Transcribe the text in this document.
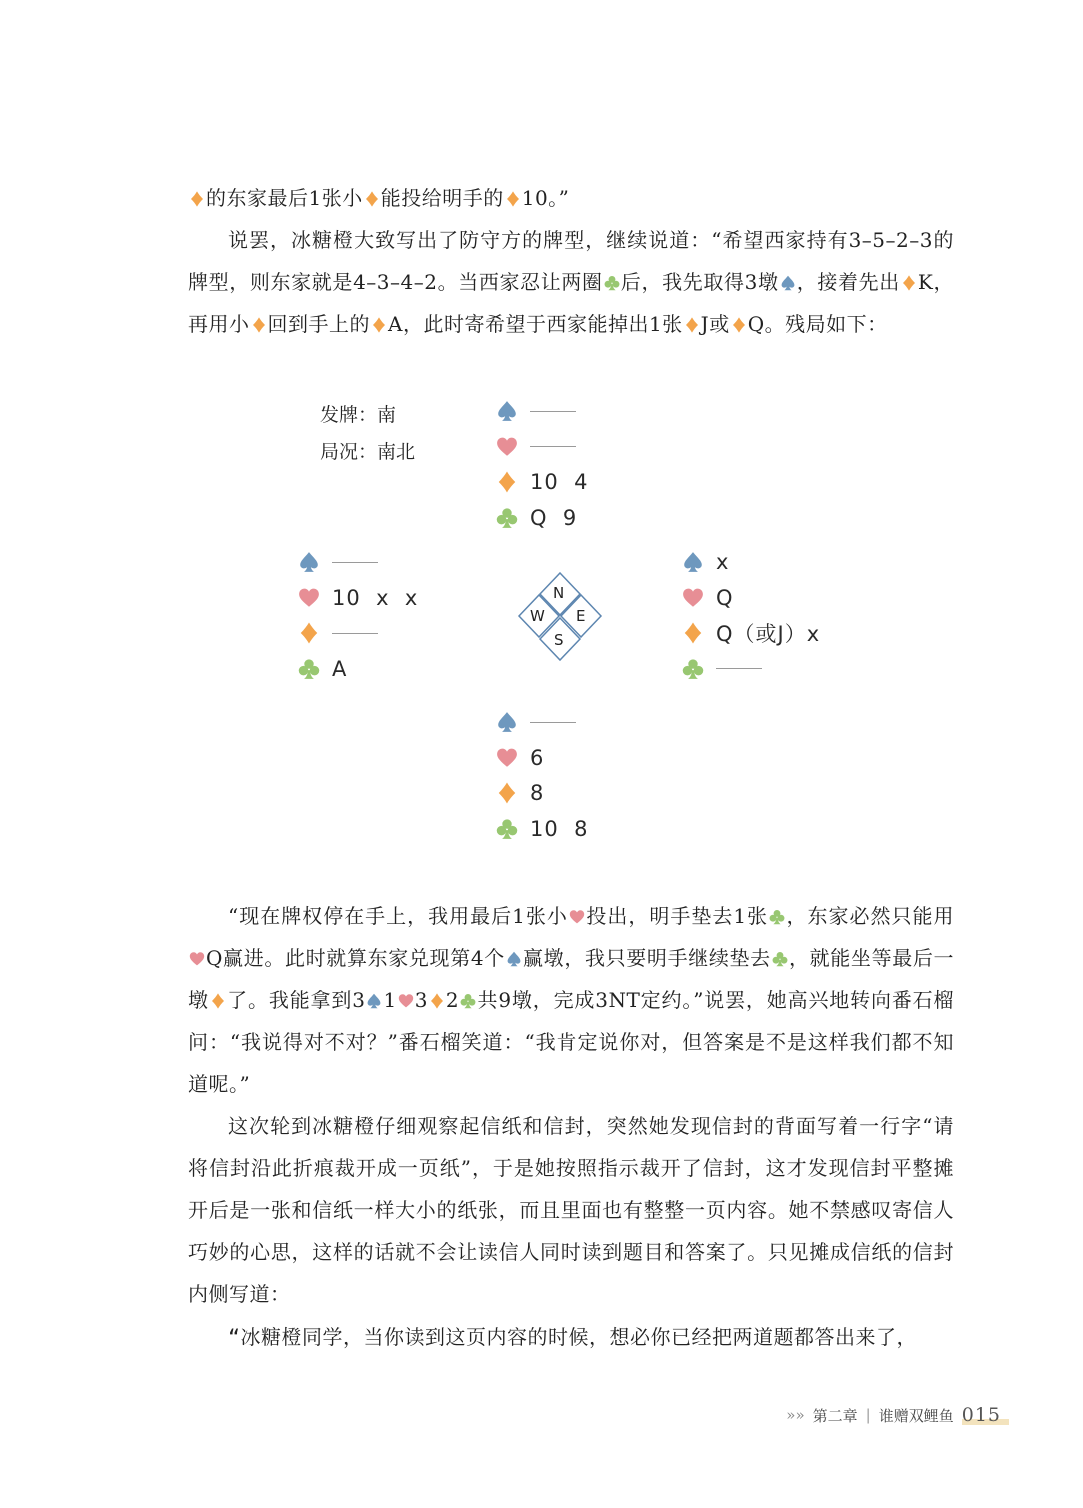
的东家最后1张小 能投给明手的 10。”
说罢，冰糖橙大致写出了防守方的牌型，继续说道：“希望西家持有3–5–2–3的牌型，则东家就是4–3–4–2。当西家忍让两圈 后，我先取得3墩 ，接着先出 K，再用小 回到手上的 A，此时寄希望于西家能掉出1张 J或 Q。残局如下：
发牌：南
局况：南北
10  4
Q  9
10  x  x
A
x
Q
Q（或J）x
6
8
10  8
N
W E
S
“现在牌权停在手上，我用最后1张小 投出，明手垫去1张 ，东家必然只能用
Q赢进。此时就算东家兑现第4个 赢墩，我只要明手继续垫去 ，就能坐等最后一墩 了。我能拿到3 1 3 2 共9墩，完成3NT定约。”说罢，她高兴地转向番石榴问：“我说得对不对？”番石榴笑道：“我肯定说你对，但答案是不是这样我们都不知道呢。”
这次轮到冰糖橙仔细观察起信纸和信封，突然她发现信封的背面写着一行字“请将信封沿此折痕裁开成一页纸”，于是她按照指示裁开了信封，这才发现信封平整摊开后是一张和信纸一样大小的纸张，而且里面也有整整一页内容。她不禁感叹寄信人巧妙的心思，这样的话就不会让读信人同时读到题目和答案了。只见摊成信纸的信封内侧写道：
“冰糖橙同学，当你读到这页内容的时候，想必你已经把两道题都答出来了，
»» 第二章 | 谁赠双鲤鱼 015
